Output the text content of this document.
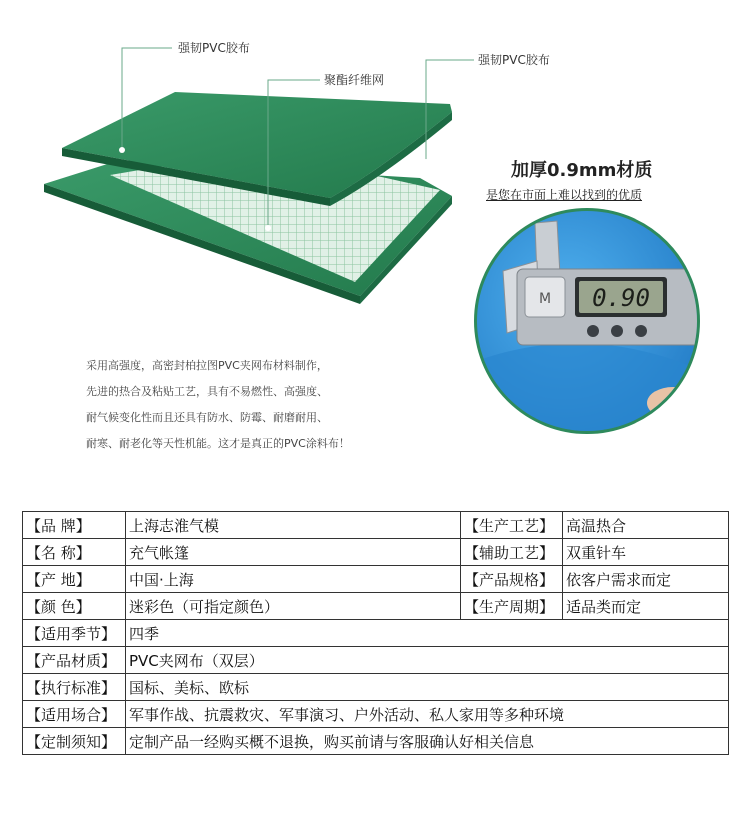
强韧PVC胶布
聚酯纤维网
强韧PVC胶布
加厚0.9mm材质
是您在市面上难以找到的优质
M 0.90
采用高强度，高密封柏拉图PVC夹网布材料制作，
先进的热合及粘贴工艺，具有不易燃性、高强度、
耐气候变化性而且还具有防水、防霉、耐磨耐用、
耐寒、耐老化等天性机能。这才是真正的PVC涂料布！
【品 牌】	上海志淮气模	【生产工艺】	高温热合
【名 称】	充气帐篷	【辅助工艺】	双重针车
【产 地】	中国·上海	【产品规格】	依客户需求而定
【颜 色】	迷彩色（可指定颜色）	【生产周期】	适品类而定
【适用季节】	四季		
【产品材质】	PVC夹网布（双层）		
【执行标准】	国标、美标、欧标		
【适用场合】	军事作战、抗震救灾、军事演习、户外活动、私人家用等多种环境		
【定制须知】	定制产品一经购买概不退换，购买前请与客服确认好相关信息		
